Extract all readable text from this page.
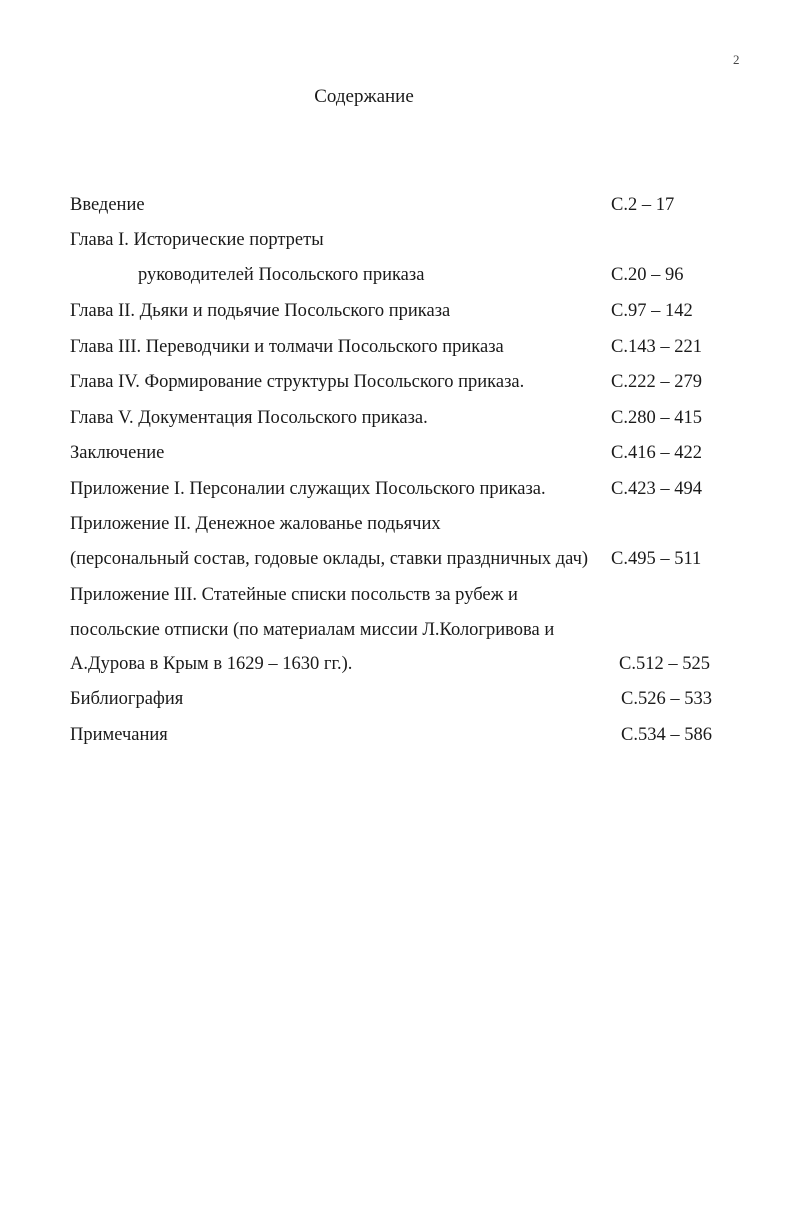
2
Содержание
Введение	С.2 – 17
Глава I. Исторические портреты
руководителей Посольского приказа	С.20 – 96
Глава II. Дьяки и подьячие Посольского приказа	С.97 – 142
Глава III. Переводчики и толмачи Посольского приказа	С.143 – 221
Глава IV. Формирование структуры Посольского приказа.	С.222 – 279
Глава V. Документация Посольского приказа.	С.280 – 415
Заключение	С.416 – 422
Приложение I. Персоналии служащих Посольского приказа.	С.423 – 494
Приложение II. Денежное жалованье подьячих
(персональный состав, годовые оклады, ставки праздничных дач) С.495 – 511
Приложение III. Статейные списки посольств за рубеж и
посольские отписки (по материалам миссии Л.Кологривова и
А.Дурова в Крым в 1629 – 1630 гг.).	С.512 – 525
Библиография	С.526 – 533
Примечания	С.534 – 586
